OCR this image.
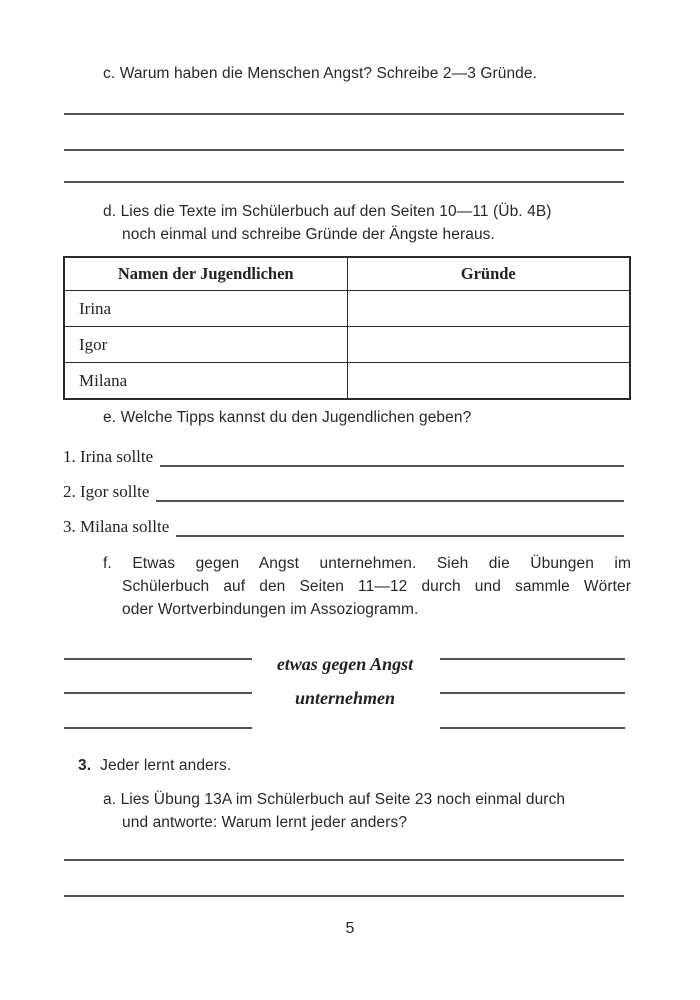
c. Warum haben die Menschen Angst? Schreibe 2—3 Gründe.
d. Lies die Texte im Schülerbuch auf den Seiten 10—11 (Üb. 4B)
noch einmal und schreibe Gründe der Ängste heraus.
Namen der Jugendlichen	Gründe
Irina	
Igor	
Milana	
e. Welche Tipps kannst du den Jugendlichen geben?
1. Irina sollte
2. Igor sollte
3. Milana sollte
f. Etwas gegen Angst unternehmen. Sieh die Übungen im
Schülerbuch auf den Seiten 11—12 durch und sammle Wörter
oder Wortverbindungen im Assoziogramm.
etwas gegen Angst
unternehmen
3. Jeder lernt anders.
a. Lies Übung 13A im Schülerbuch auf Seite 23 noch einmal durch
und antworte: Warum lernt jeder anders?
5
